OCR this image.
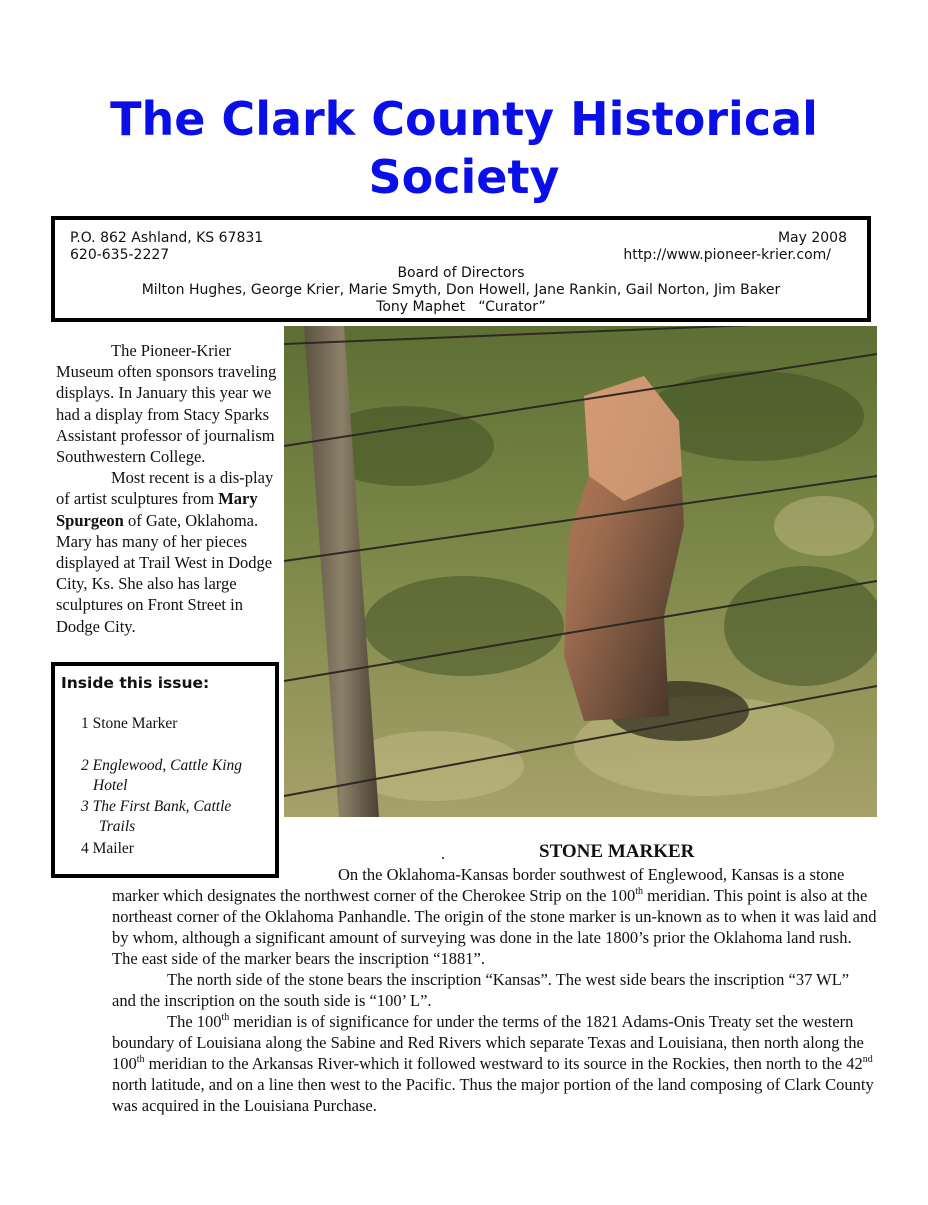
The Clark County Historical
Society
P.O. 862 Ashland, KS 67831
620-635-2227
May 2008
http://www.pioneer-krier.com/
Board of Directors
Milton Hughes, George Krier, Marie Smyth, Don Howell, Jane Rankin, Gail Norton, Jim Baker
Tony Maphet   “Curator”

The Pioneer-Krier Museum often sponsors traveling displays. In January this year we had a display from Stacy Sparks Assistant professor of journalism Southwestern College.

Most recent is a dis-play of artist sculptures from Mary Spurgeon of Gate, Oklahoma. Mary has many of her pieces displayed at Trail West in Dodge City, Ks. She also has large sculptures on Front Street in Dodge City.

Inside this issue:
1 Stone Marker
2 Englewood, Cattle King
Hotel
3 The First Bank, Cattle
Trails
4 Mailer	.	STONE MARKER

On the Oklahoma-Kansas border southwest of Englewood, Kansas is a stone marker which designates the northwest corner of the Cherokee Strip on the 100th meridian. This point is also at the northeast corner of the Oklahoma Panhandle. The origin of the stone marker is un-known as to when it was laid and by whom, although a significant amount of surveying was done in the late 1800’s prior the Oklahoma land rush. The east side of the marker bears the inscription “1881”.

The north side of the stone bears the inscription “Kansas”. The west side bears the inscription “37 WL” and the inscription on the south side is “100’ L”.

The 100th meridian is of significance for under the terms of the 1821 Adams-Onis Treaty set the western boundary of Louisiana along the Sabine and Red Rivers which separate Texas and Louisiana, then north along the 100th meridian to the Arkansas River-which it followed westward to its source in the Rockies, then north to the 42nd north latitude, and on a line then west to the Pacific. Thus the major portion of the land composing of Clark County was acquired in the Louisiana Purchase.
